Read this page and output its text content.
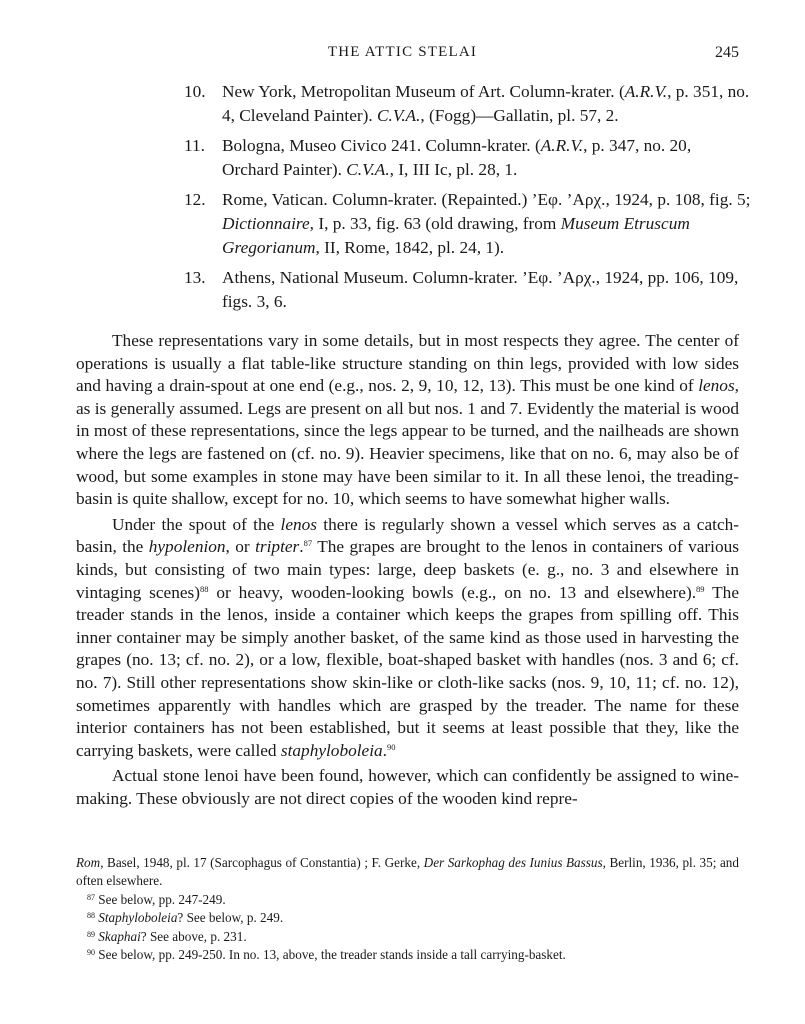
THE ATTIC STELAI	245
10. New York, Metropolitan Museum of Art. Column-krater. (A.R.V., p. 351, no. 4, Cleveland Painter). C.V.A., (Fogg)—Gallatin, pl. 57, 2.
11. Bologna, Museo Civico 241. Column-krater. (A.R.V., p. 347, no. 20, Orchard Painter). C.V.A., I, III Ic, pl. 28, 1.
12. Rome, Vatican. Column-krater. (Repainted.) ’Εφ. ’Αρχ., 1924, p. 108, fig. 5; Dictionnaire, I, p. 33, fig. 63 (old drawing, from Museum Etruscum Gregorianum, II, Rome, 1842, pl. 24, 1).
13. Athens, National Museum. Column-krater. ’Εφ. ’Αρχ., 1924, pp. 106, 109, figs. 3, 6.

These representations vary in some details, but in most respects they agree. The center of operations is usually a flat table-like structure standing on thin legs, provided with low sides and having a drain-spout at one end (e.g., nos. 2, 9, 10, 12, 13). This must be one kind of lenos, as is generally assumed. Legs are present on all but nos. 1 and 7. Evidently the material is wood in most of these representations, since the legs appear to be turned, and the nailheads are shown where the legs are fastened on (cf. no. 9). Heavier specimens, like that on no. 6, may also be of wood, but some examples in stone may have been similar to it. In all these lenoi, the treading-basin is quite shallow, except for no. 10, which seems to have somewhat higher walls.

Under the spout of the lenos there is regularly shown a vessel which serves as a catch-basin, the hypolenion, or tripter.$^{87}$ The grapes are brought to the lenos in containers of various kinds, but consisting of two main types: large, deep baskets (e. g., no. 3 and elsewhere in vintaging scenes)$^{88}$ or heavy, wooden-looking bowls (e.g., on no. 13 and elsewhere).$^{89}$ The treader stands in the lenos, inside a container which keeps the grapes from spilling off. This inner container may be simply another basket, of the same kind as those used in harvesting the grapes (no. 13; cf. no. 2), or a low, flexible, boat-shaped basket with handles (nos. 3 and 6; cf. no. 7). Still other representations show skin-like or cloth-like sacks (nos. 9, 10, 11; cf. no. 12), sometimes apparently with handles which are grasped by the treader. The name for these interior containers has not been established, but it seems at least possible that they, like the carrying baskets, were called staphyloboleia.$^{90}$

Actual stone lenoi have been found, however, which can confidently be assigned to wine-making. These obviously are not direct copies of the wooden kind repre-

Rom, Basel, 1948, pl. 17 (Sarcophagus of Constantia) ; F. Gerke, Der Sarkophag des Iunius Bassus, Berlin, 1936, pl. 35; and often elsewhere.

$^{87}$ See below, pp. 247-249.

$^{88}$ Staphyloboleia? See below, p. 249.

$^{89}$ Skaphai? See above, p. 231.

$^{90}$ See below, pp. 249-250. In no. 13, above, the treader stands inside a tall carrying-basket.
